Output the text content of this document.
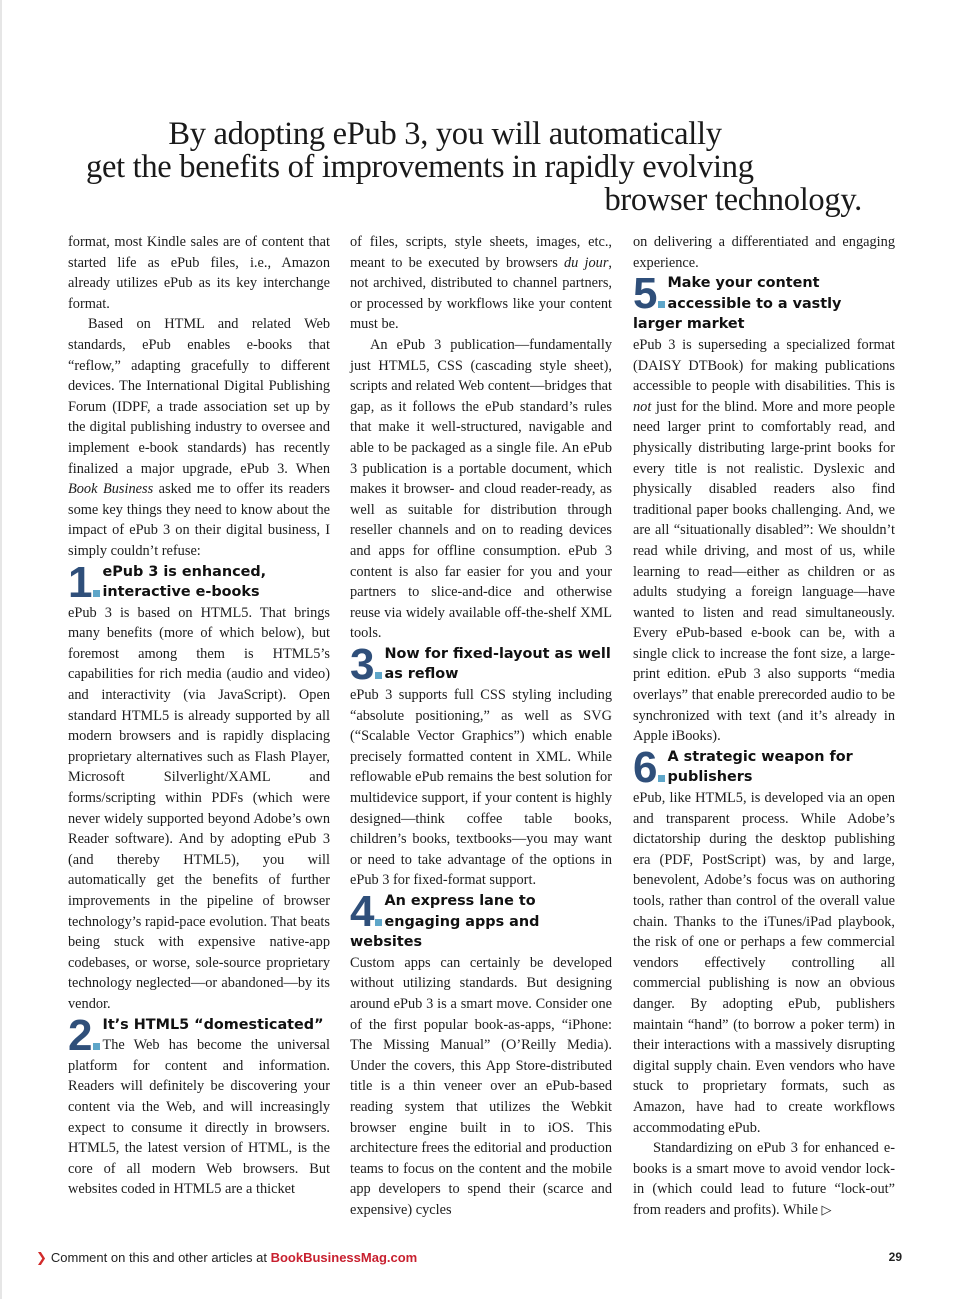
By adopting ePub 3, you will automatically
get the benefits of improvements in rapidly evolving
browser technology.

format, most Kindle sales are of content that started life as ePub files, i.e., Amazon already utilizes ePub as its key interchange format.

Based on HTML and related Web standards, ePub enables e-books that “reflow,” adapting gracefully to different devices. The International Digital Publishing Forum (IDPF, a trade association set up by the digital publishing industry to oversee and implement e-book standards) has recently finalized a major upgrade, ePub 3. When Book Business asked me to offer its readers some key things they need to know about the impact of ePub 3 on their digital business, I simply couldn’t refuse:

1 ePub 3 is enhanced, interactive e-books

ePub 3 is based on HTML5. That brings many benefits (more of which below), but foremost among them is HTML5’s capabilities for rich media (audio and video) and interactivity (via JavaScript). Open standard HTML5 is already supported by all modern browsers and is rapidly displacing proprietary alternatives such as Flash Player, Microsoft Silverlight/XAML and forms/scripting within PDFs (which were never widely supported beyond Adobe’s own Reader software). And by adopting ePub 3 (and thereby HTML5), you will automatically get the benefits of further improvements in the pipeline of browser technology’s rapid-pace evolution. That beats being stuck with expensive native-app codebases, or worse, sole-source proprietary technology neglected—or abandoned—by its vendor.

2 It’s HTML5 “domesticated”

The Web has become the universal platform for content and information. Readers will definitely be discovering your content via the Web, and will increasingly expect to consume it directly in browsers. HTML5, the latest version of HTML, is the core of all modern Web browsers. But websites coded in HTML5 are a thicket

of files, scripts, style sheets, images, etc., meant to be executed by browsers du jour, not archived, distributed to channel partners, or processed by workflows like your content must be.

An ePub 3 publication—fundamentally just HTML5, CSS (cascading style sheet), scripts and related Web content—bridges that gap, as it follows the ePub standard’s rules that make it well-structured, navigable and able to be packaged as a single file. An ePub 3 publication is a portable document, which makes it browser- and cloud reader-ready, as well as suitable for distribution through reseller channels and on to reading devices and apps for offline consumption. ePub 3 content is also far easier for you and your partners to slice-and-dice and otherwise reuse via widely available off-the-shelf XML tools.

3 Now for fixed-layout as well as reflow

ePub 3 supports full CSS styling including “absolute positioning,” as well as SVG (“Scalable Vector Graphics”) which enable precisely formatted content in XML. While reflowable ePub remains the best solution for multidevice support, if your content is highly designed—think coffee table books, children’s books, textbooks—you may want or need to take advantage of the options in ePub 3 for fixed-format support.

4 An express lane to engaging apps and websites

Custom apps can certainly be developed without utilizing standards. But designing around ePub 3 is a smart move. Consider one of the first popular book-as-apps, “iPhone: The Missing Manual” (O’Reilly Media). Under the covers, this App Store-distributed title is a thin veneer over an ePub-based reading system that utilizes the Webkit browser engine built in to iOS. This architecture frees the editorial and production teams to focus on the content and the mobile app developers to spend their (scarce and expensive) cycles

on delivering a differentiated and engaging experience.

5 Make your content accessible to a vastly larger market

ePub 3 is superseding a specialized format (DAISY DTBook) for making publications accessible to people with disabilities. This is not just for the blind. More and more people need larger print to comfortably read, and physically distributing large-print books for every title is not realistic. Dyslexic and physically disabled readers also find traditional paper books challenging. And, we are all “situationally disabled”: We shouldn’t read while driving, and most of us, while learning to read—either as children or as adults studying a foreign language—have wanted to listen and read simultaneously. Every ePub-based e-book can be, with a single click to increase the font size, a large-print edition. ePub 3 also supports “media overlays” that enable prerecorded audio to be synchronized with text (and it’s already in Apple iBooks).

6 A strategic weapon for publishers

ePub, like HTML5, is developed via an open and transparent process. While Adobe’s dictatorship during the desktop publishing era (PDF, PostScript) was, by and large, benevolent, Adobe’s focus was on authoring tools, rather than control of the overall value chain. Thanks to the iTunes/iPad playbook, the risk of one or perhaps a few commercial vendors effectively controlling all commercial publishing is now an obvious danger. By adopting ePub, publishers maintain “hand” (to borrow a poker term) in their interactions with a massively disrupting digital supply chain. Even vendors who have stuck to proprietary formats, such as Amazon, have had to create workflows accommodating ePub.

Standardizing on ePub 3 for enhanced e-books is a smart move to avoid vendor lock-in (which could lead to future “lock-out” from readers and profits). While ▷

❯ Comment on this and other articles at BookBusinessMag.com	29
